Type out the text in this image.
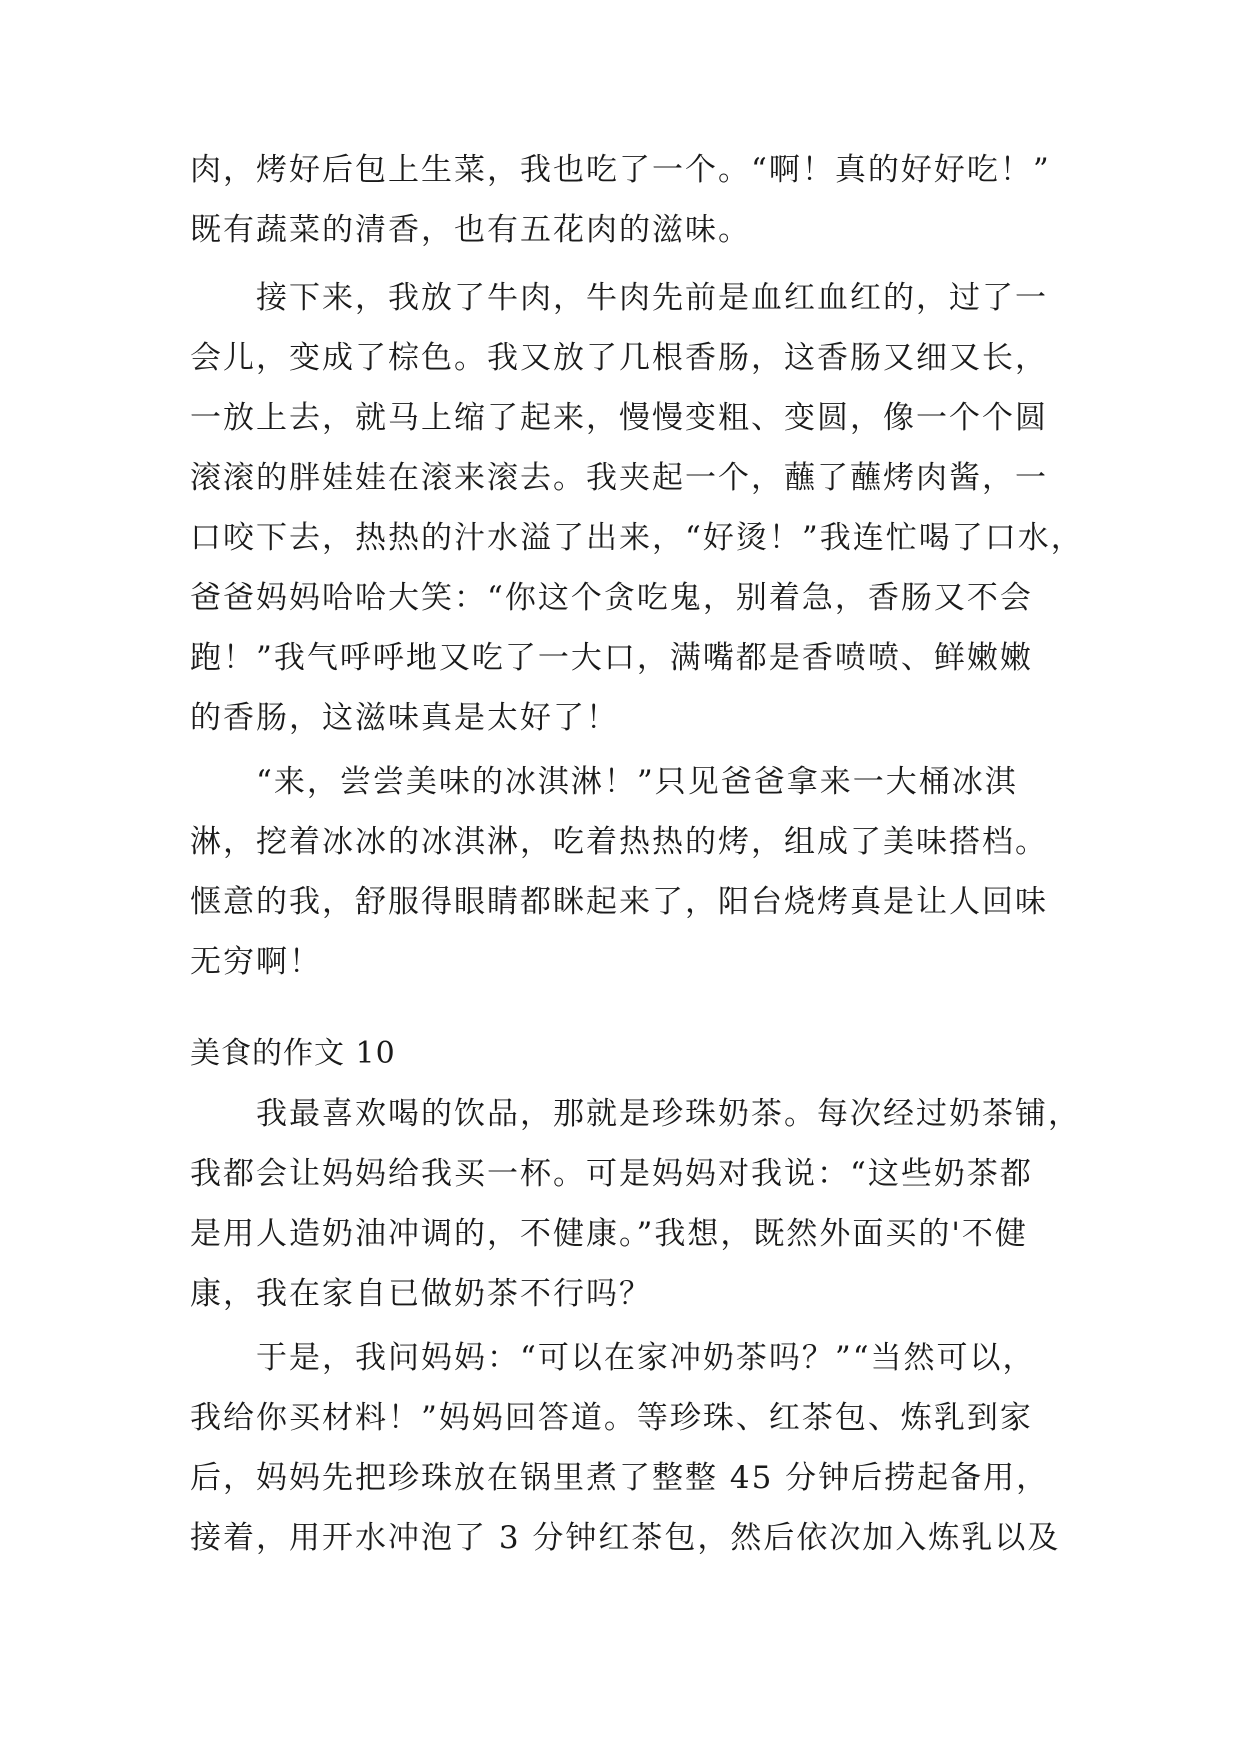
肉，烤好后包上生菜，我也吃了一个。“啊！真的好好吃！”
既有蔬菜的清香，也有五花肉的滋味。
接下来，我放了牛肉，牛肉先前是血红血红的，过了一
会儿，变成了棕色。我又放了几根香肠，这香肠又细又长，
一放上去，就马上缩了起来，慢慢变粗、变圆，像一个个圆
滚滚的胖娃娃在滚来滚去。我夹起一个，蘸了蘸烤肉酱，一
口咬下去，热热的汁水溢了出来，“好烫！”我连忙喝了口水，
爸爸妈妈哈哈大笑：“你这个贪吃鬼，别着急，香肠又不会
跑！”我气呼呼地又吃了一大口，满嘴都是香喷喷、鲜嫩嫩
的香肠，这滋味真是太好了！
“来，尝尝美味的冰淇淋！”只见爸爸拿来一大桶冰淇
淋，挖着冰冰的冰淇淋，吃着热热的烤，组成了美味搭档。
惬意的我，舒服得眼睛都眯起来了，阳台烧烤真是让人回味
无穷啊！
美食的作文 10
我最喜欢喝的饮品，那就是珍珠奶茶。每次经过奶茶铺，
我都会让妈妈给我买一杯。可是妈妈对我说：“这些奶茶都
是用人造奶油冲调的，不健康。”我想，既然外面买的'不健
康，我在家自已做奶茶不行吗？
于是，我问妈妈：“可以在家冲奶茶吗？”“当然可以，
我给你买材料！”妈妈回答道。等珍珠、红茶包、炼乳到家
后，妈妈先把珍珠放在锅里煮了整整 45 分钟后捞起备用，
接着，用开水冲泡了 3 分钟红茶包，然后依次加入炼乳以及
